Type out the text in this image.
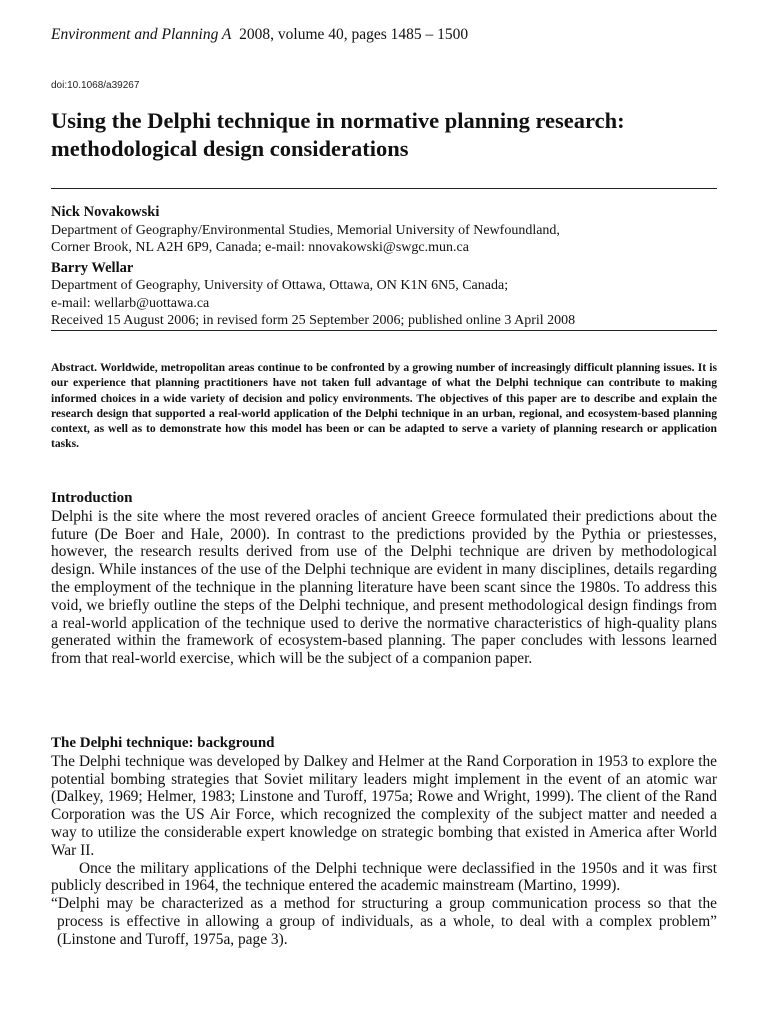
Environment and Planning A 2008, volume 40, pages 1485 – 1500
doi:10.1068/a39267
Using the Delphi technique in normative planning research:
methodological design considerations
Nick Novakowski

Department of Geography/Environmental Studies, Memorial University of Newfoundland,

Corner Brook, NL A2H 6P9, Canada; e-mail: nnovakowski@swgc.mun.ca

Barry Wellar

Department of Geography, University of Ottawa, Ottawa, ON K1N 6N5, Canada;

e-mail: wellarb@uottawa.ca

Received 15 August 2006; in revised form 25 September 2006; published online 3 April 2008

Abstract. Worldwide, metropolitan areas continue to be confronted by a growing number of increasingly difficult planning issues. It is our experience that planning practitioners have not taken full advantage of what the Delphi technique can contribute to making informed choices in a wide variety of decision and policy environments. The objectives of this paper are to describe and explain the research design that supported a real-world application of the Delphi technique in an urban, regional, and ecosystem-based planning context, as well as to demonstrate how this model has been or can be adapted to serve a variety of planning research or application tasks.

Introduction

Delphi is the site where the most revered oracles of ancient Greece formulated their predictions about the future (De Boer and Hale, 2000). In contrast to the predictions provided by the Pythia or priestesses, however, the research results derived from use of the Delphi technique are driven by methodological design. While instances of the use of the Delphi technique are evident in many disciplines, details regarding the employment of the technique in the planning literature have been scant since the 1980s. To address this void, we briefly outline the steps of the Delphi technique, and present methodological design findings from a real-world application of the technique used to derive the normative characteristics of high-quality plans generated within the framework of ecosystem-based planning. The paper concludes with lessons learned from that real-world exercise, which will be the subject of a companion paper.

The Delphi technique: background

The Delphi technique was developed by Dalkey and Helmer at the Rand Corporation in 1953 to explore the potential bombing strategies that Soviet military leaders might implement in the event of an atomic war (Dalkey, 1969; Helmer, 1983; Linstone and Turoff, 1975a; Rowe and Wright, 1999). The client of the Rand Corporation was the US Air Force, which recognized the complexity of the subject matter and needed a way to utilize the considerable expert knowledge on strategic bombing that existed in America after World War II.

Once the military applications of the Delphi technique were declassified in the 1950s and it was first publicly described in 1964, the technique entered the academic mainstream (Martino, 1999).

“Delphi may be characterized as a method for structuring a group communication process so that the process is effective in allowing a group of individuals, as a whole, to deal with a complex problem” (Linstone and Turoff, 1975a, page 3).
